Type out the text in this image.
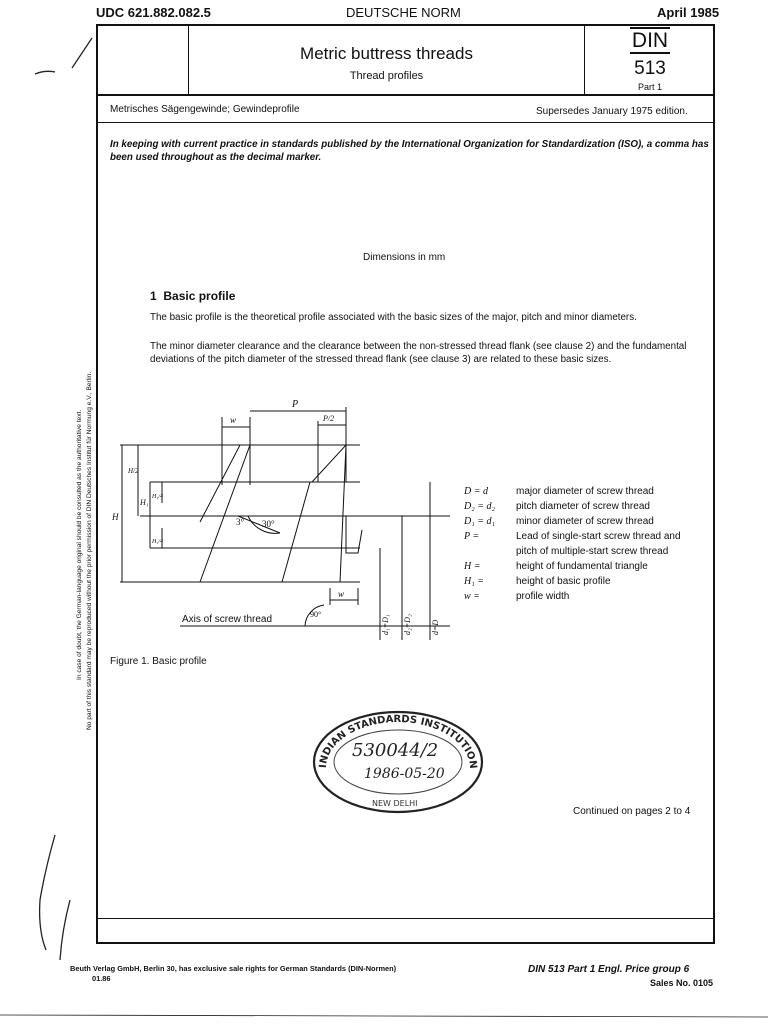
UDC 621.882.082.5	DEUTSCHE NORM	April 1985
Metric buttress threads
Thread profiles
DIN
513
Part 1
Metrisches Sägengewinde; Gewindeprofile	Supersedes January 1975 edition.
In keeping with current practice in standards published by the International Organization for Standardization (ISO), a comma has been used throughout as the decimal marker.
Dimensions in mm
1 Basic profile
The basic profile is the theoretical profile associated with the basic sizes of the major, pitch and minor diameters.
The minor diameter clearance and the clearance between the non-stressed thread flank (see clause 2) and the fundamental deviations of the pitch diameter of the stressed thread flank (see clause 3) are related to these basic sizes.
P
P/2
w
w
H
H₁
H/2
H₁/4
H₁/4
3° 30°
90°	d₁=D₁ d₂=D₂ d=D
Axis of screw thread
Figure 1. Basic profile
D = d	major diameter of screw thread
D₂ = d₂ pitch diameter of screw thread
D₁ = d₁ minor diameter of screw thread
P =	Lead of single-start screw thread and
pitch of multiple-start screw thread
H =	height of fundamental triangle
H₁ =	height of basic profile
w =	profile width
INDIAN STANDARDS INSTITUTION
530044/2
1986-05-20
NEW DELHI
Continued on pages 2 to 4
No part of this standard may be reproduced without the prior permission of DIN Deutsches Institut für Normung e.V., Berlin.
In case of doubt, the German-language original should be consulted as the authoritative text.
Beuth Verlag GmbH, Berlin 30, has exclusive sale rights for German Standards (DIN-Normen)
01.86
DIN 513 Part 1 Engl. Price group 6
Sales No. 0105
